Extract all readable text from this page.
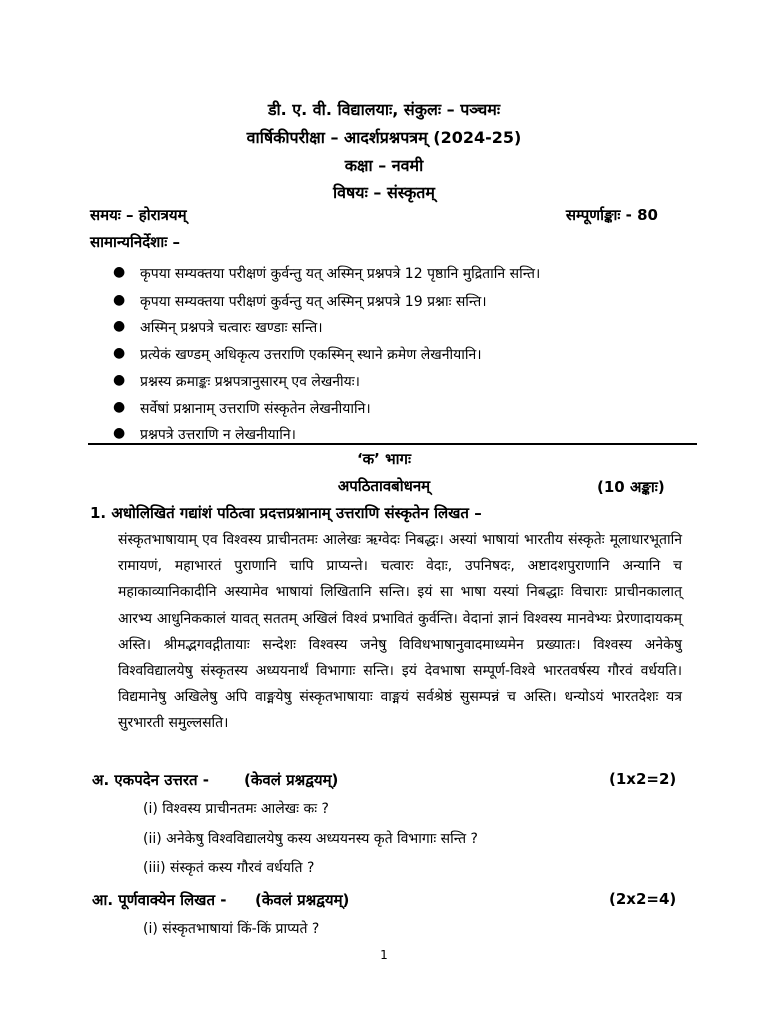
डी. ए. वी. विद्यालयाः, संकुलः – पञ्चमः
वार्षिकीपरीक्षा – आदर्शप्रश्नपत्रम् (2024-25)
कक्षा – नवमी
विषयः – संस्कृतम्
समयः – होरात्रयम्	सम्पूर्णाङ्काः - 80
सामान्यनिर्देशाः –
● कृपया सम्यक्तया परीक्षणं कुर्वन्तु यत् अस्मिन् प्रश्नपत्रे 12 पृष्ठानि मुद्रितानि सन्ति।
● कृपया सम्यक्तया परीक्षणं कुर्वन्तु यत् अस्मिन् प्रश्नपत्रे 19 प्रश्नाः सन्ति।
● अस्मिन् प्रश्नपत्रे चत्वारः खण्डाः सन्ति।
● प्रत्येकं खण्डम् अधिकृत्य उत्तराणि एकस्मिन् स्थाने क्रमेण लेखनीयानि।
● प्रश्नस्य क्रमाङ्कः प्रश्नपत्रानुसारम् एव लेखनीयः।
● सर्वेषां प्रश्नानाम् उत्तराणि संस्कृतेन लेखनीयानि।
● प्रश्नपत्रे उत्तराणि न लेखनीयानि।
‘क’ भागः
अपठितावबोधनम्	(10 अङ्काः)
1. अधोलिखितं गद्यांशं पठित्वा प्रदत्तप्रश्नानाम् उत्तराणि संस्कृतेन लिखत –
संस्कृतभाषायाम् एव विश्वस्य प्राचीनतमः आलेखः ऋग्वेदः निबद्धः। अस्यां भाषायां भारतीय संस्कृतेः मूलाधारभूतानि रामायणं, महाभारतं पुराणानि चापि प्राप्यन्ते। चत्वारः वेदाः, उपनिषदः, अष्टादशपुराणानि अन्यानि च महाकाव्यानिकादीनि अस्यामेव भाषायां लिखितानि सन्ति। इयं सा भाषा यस्यां निबद्धाः विचाराः प्राचीनकालात् आरभ्य आधुनिककालं यावत् सततम् अखिलं विश्वं प्रभावितं कुर्वन्ति। वेदानां ज्ञानं विश्वस्य मानवेभ्यः प्रेरणादायकम् अस्ति। श्रीमद्भगवद्गीतायाः सन्देशः विश्वस्य जनेषु विविधभाषानुवादमाध्यमेन प्रख्यातः। विश्वस्य अनेकेषु विश्वविद्यालयेषु संस्कृतस्य अध्ययनार्थं विभागाः सन्ति। इयं देवभाषा सम्पूर्ण-विश्वे भारतवर्षस्य गौरवं वर्धयति। विद्यमानेषु अखिलेषु अपि वाङ्मयेषु संस्कृतभाषायाः वाङ्मयं सर्वश्रेष्ठं सुसम्पन्नं च अस्ति। धन्योऽयं भारतदेशः यत्र सुरभारती समुल्लसति।
अ. एकपदेन उत्तरत - (केवलं प्रश्नद्वयम्)	(1x2=2)
(i) विश्वस्य प्राचीनतमः आलेखः कः ?
(ii) अनेकेषु विश्वविद्यालयेषु कस्य अध्ययनस्य कृते विभागाः सन्ति ?
(iii) संस्कृतं कस्य गौरवं वर्धयति ?
आ. पूर्णवाक्येन लिखत - (केवलं प्रश्नद्वयम्)	(2x2=4)
(i) संस्कृतभाषायां किं-किं प्राप्यते ?
1
